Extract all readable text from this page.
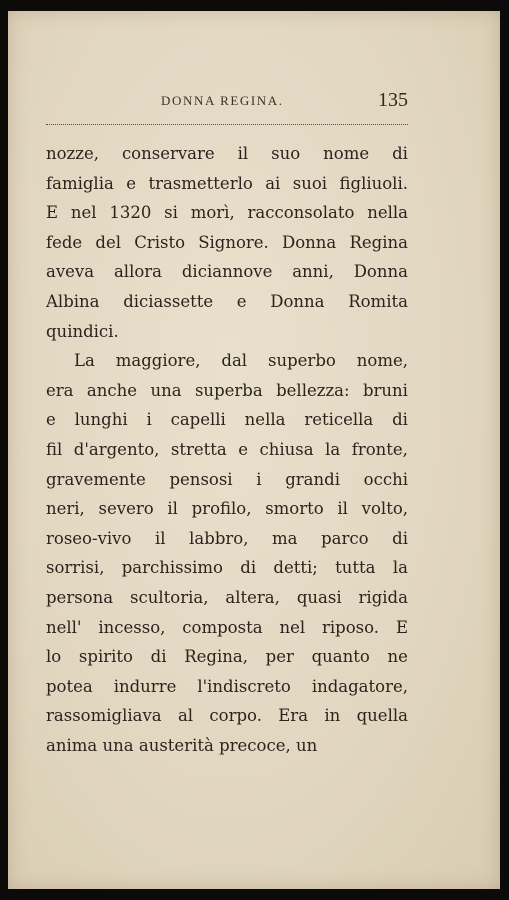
DONNA REGINA.	135
nozze, conservare il suo nome di
famiglia e trasmetterlo ai suoi figliuoli.
E nel 1320 si morì, racconsolato nella
fede del Cristo Signore. Donna Regina
aveva allora diciannove anni, Donna
Albina diciassette e Donna Romita
quindici.
La maggiore, dal superbo nome,
era anche una superba bellezza: bruni
e lunghi i capelli nella reticella di
fil d'argento, stretta e chiusa la fronte,
gravemente pensosi i grandi occhi
neri, severo il profilo, smorto il volto,
roseo-vivo il labbro, ma parco di
sorrisi, parchissimo di detti; tutta la
persona scultoria, altera, quasi rigida
nell' incesso, composta nel riposo. E
lo spirito di Regina, per quanto ne
potea indurre l'indiscreto indagatore,
rassomigliava al corpo. Era in quella
anima una austerità precoce, un
